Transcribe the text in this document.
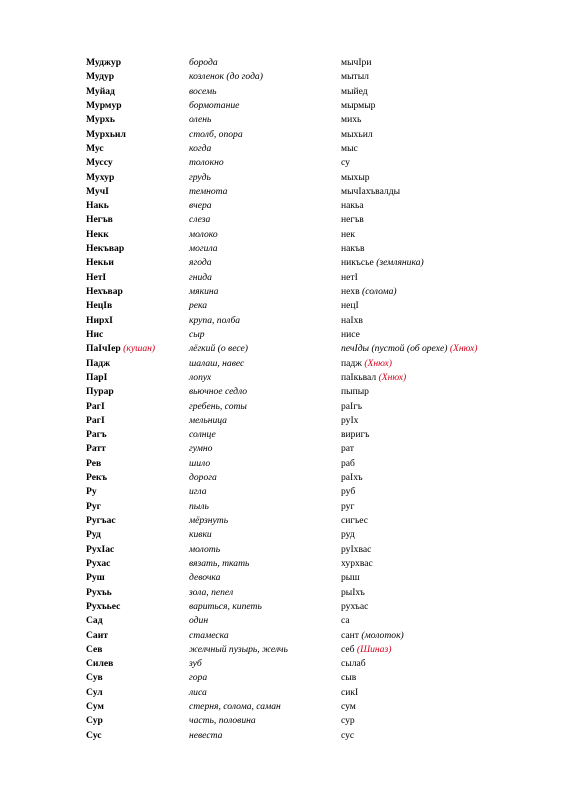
Муджур	борода	мычIри
Мудур	козленок (до года)	мытыл
Муйад	восемь	мыйед
Мурмур	бормотание	мырмыр
Мурхь	олень	михь
Мурхьил	столб, опора	мыхьил
Мус	когда	мыс
Муссу	толокно	су
Мухур	грудь	мыхыр
МучI	темнота	мычIахъвалды
Накь	вчера	накьа
Негъв	слеза	негъв
Некк	молоко	нек
Некъвар	могила	накъв
Некьи	ягода	никъсье (земляника)
НетI	гнида	нетI
Нехъвар	мякина	нехв (солома)
НецIв	река	нецI
НирхI	крупа, полба	наIхв
Нис	сыр	нисе
ПаIчIер (кушан)	лёгкий (о весе)	печIды (пустой (об орехе) (Хнюх)
Падж	шалаш, навес	падж (Хнюх)
ПарI	лопух	паIкьвал (Хнюх)
Пурар	вьючное седло	пыпыр
РагI	гребень, соты	раIгъ
РагI	мельница	руIх
Рагъ	солнце	виригъ
Ратт	гумно	рат
Рев	шило	раб
Рекъ	дорога	раIхъ
Ру	игла	руб
Руг	пыль	руг
Ругъас	мёрзнуть	сигъес
Руд	кивки	руд
РухIас	молоть	руIхвас
Рухас	вязать, ткать	хурхвас
Руш	девочка	рыш
Рухъь	зола, пепел	рыIхъ
Рухъьес	вариться, кипеть	рухъас
Сад	один	са
Саит	стамеска	сант (молоток)
Сев	желчный пузырь, желчь	себ (Шиназ)
Силев	зуб	сылаб
Сув	гора	сыв
Сул	лиса	сикI
Сум	стерня, солома, саман	сум
Сур	часть, половина	сур
Сус	невеста	сус
